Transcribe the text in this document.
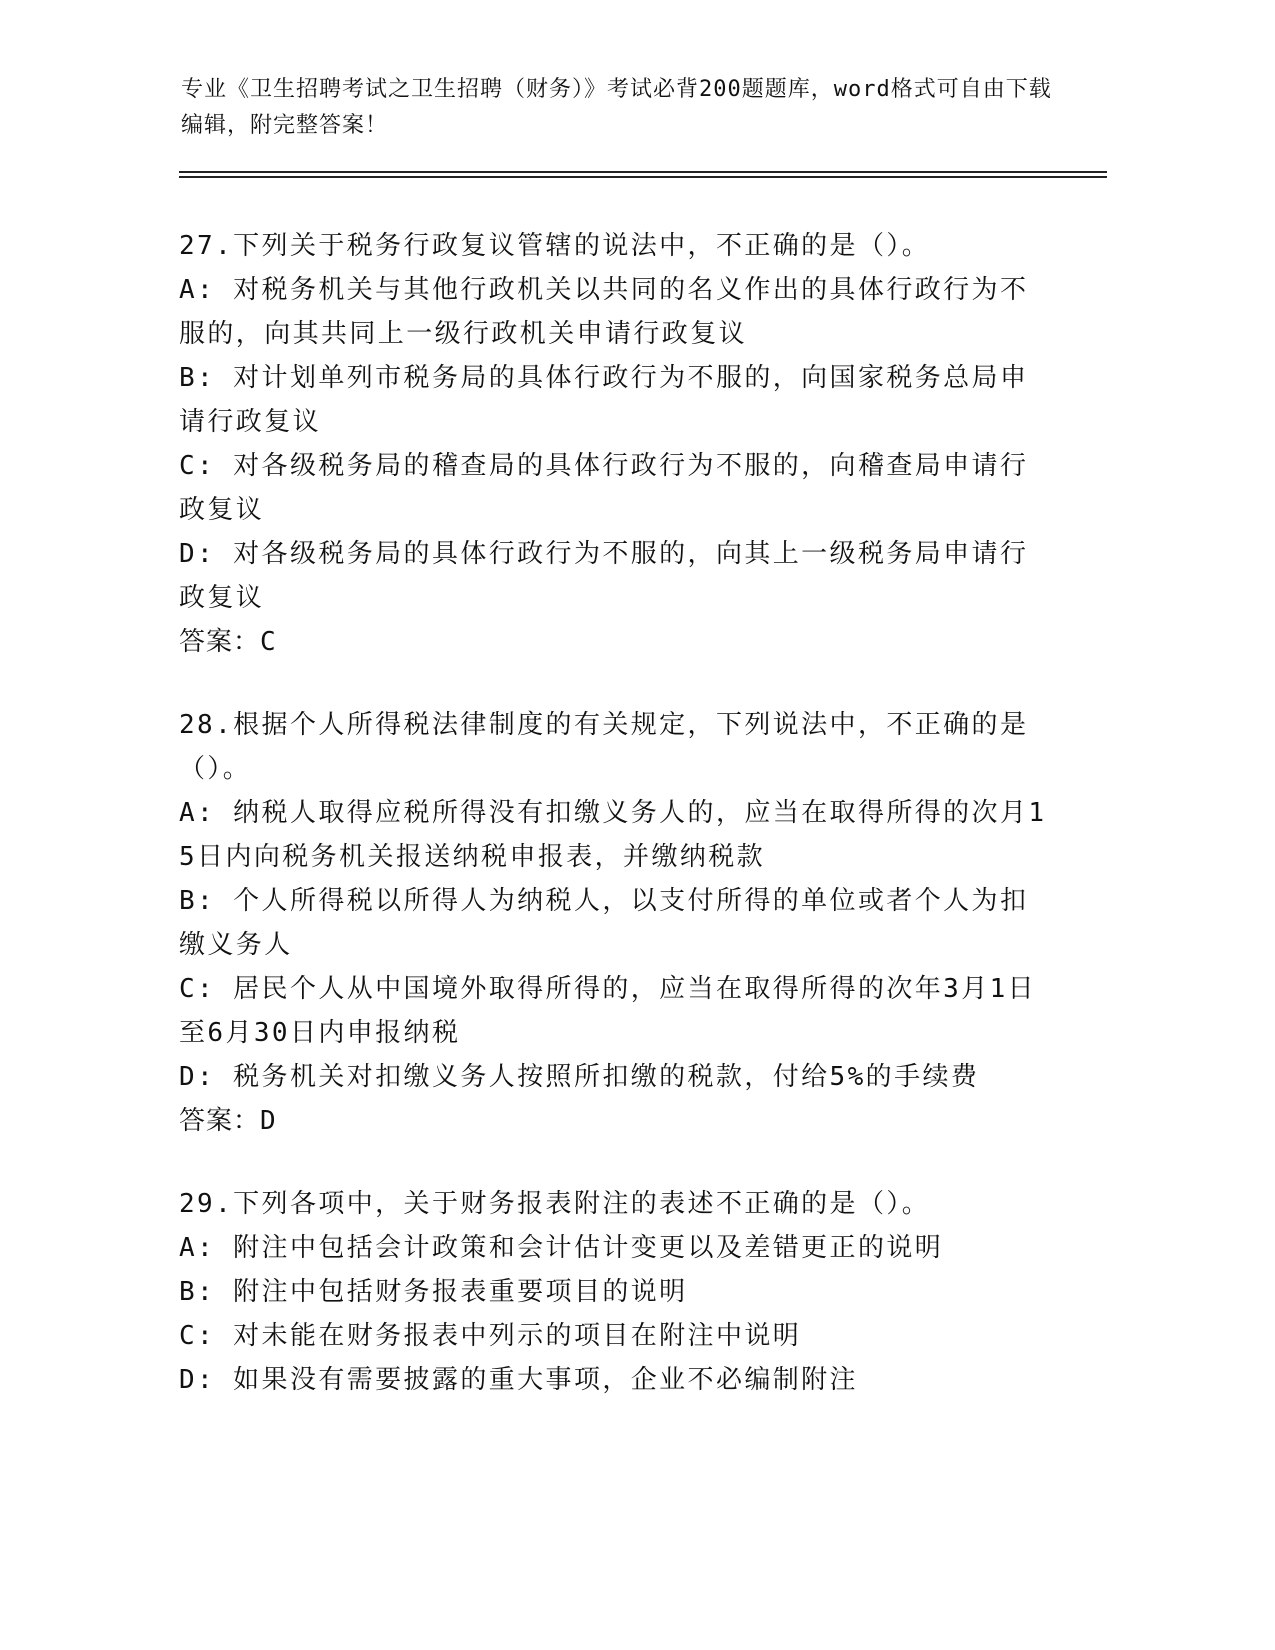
专业《卫生招聘考试之卫生招聘（财务）》考试必背200题题库，word格式可自由下载编辑，附完整答案！
27.下列关于税务行政复议管辖的说法中，不正确的是（）。
A: 对税务机关与其他行政机关以共同的名义作出的具体行政行为不服的，向其共同上一级行政机关申请行政复议
B: 对计划单列市税务局的具体行政行为不服的，向国家税务总局申请行政复议
C: 对各级税务局的稽查局的具体行政行为不服的，向稽查局申请行政复议
D: 对各级税务局的具体行政行为不服的，向其上一级税务局申请行政复议
答案：C
28.根据个人所得税法律制度的有关规定，下列说法中，不正确的是（）。
A: 纳税人取得应税所得没有扣缴义务人的，应当在取得所得的次月15日内向税务机关报送纳税申报表，并缴纳税款
B: 个人所得税以所得人为纳税人，以支付所得的单位或者个人为扣缴义务人
C: 居民个人从中国境外取得所得的，应当在取得所得的次年3月1日至6月30日内申报纳税
D: 税务机关对扣缴义务人按照所扣缴的税款，付给5%的手续费
答案：D
29.下列各项中，关于财务报表附注的表述不正确的是（）。
A: 附注中包括会计政策和会计估计变更以及差错更正的说明
B: 附注中包括财务报表重要项目的说明
C: 对未能在财务报表中列示的项目在附注中说明
D: 如果没有需要披露的重大事项，企业不必编制附注
